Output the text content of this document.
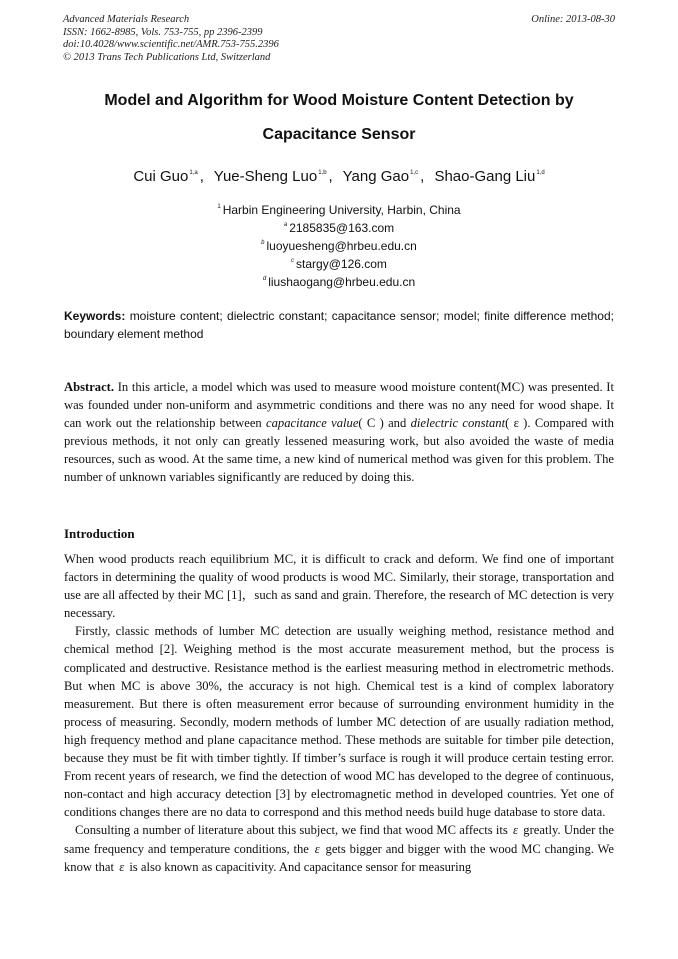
Advanced Materials Research
ISSN: 1662-8985, Vols. 753-755, pp 2396-2399
doi:10.4028/www.scientific.net/AMR.753-755.2396
© 2013 Trans Tech Publications Ltd, Switzerland
Online: 2013-08-30
Model and Algorithm for Wood Moisture Content Detection by
Capacitance Sensor
Cui Guo$^{1,a}$ , Yue-Sheng Luo$^{1,b}$ , Yang Gao$^{1,c}$ , Shao-Gang Liu$^{1,d}$
$^1$ Harbin Engineering University, Harbin, China
$^a$ 2185835@163.com
$^b$ luoyuesheng@hrbeu.edu.cn
$^c$ stargy@126.com
$^d$ liushaogang@hrbeu.edu.cn
Keywords: moisture content; dielectric constant; capacitance sensor; model; finite difference method; boundary element method
Abstract. In this article, a model which was used to measure wood moisture content(MC) was presented. It was founded under non-uniform and asymmetric conditions and there was no any need for wood shape. It can work out the relationship between capacitance value( C ) and dielectric constant( ε ). Compared with previous methods, it not only can greatly lessened measuring work, but also avoided the waste of media resources, such as wood. At the same time, a new kind of numerical method was given for this problem. The number of unknown variables significantly are reduced by doing this.
Introduction

When wood products reach equilibrium MC, it is difficult to crack and deform. We find one of important factors in determining the quality of wood products is wood MC. Similarly, their storage, transportation and use are all affected by their MC [1]，such as sand and grain. Therefore, the research of MC detection is very necessary.

Firstly, classic methods of lumber MC detection are usually weighing method, resistance method and chemical method [2]. Weighing method is the most accurate measurement method, but the process is complicated and destructive. Resistance method is the earliest measuring method in electrometric methods. But when MC is above 30%, the accuracy is not high. Chemical test is a kind of complex laboratory measurement. But there is often measurement error because of surrounding environment humidity in the process of measuring. Secondly, modern methods of lumber MC detection of are usually radiation method, high frequency method and plane capacitance method. These methods are suitable for timber pile detection, because they must be fit with timber tightly. If timber’s surface is rough it will produce certain testing error. From recent years of research, we find the detection of wood MC has developed to the degree of continuous, non-contact and high accuracy detection [3] by electromagnetic method in developed countries. Yet one of conditions changes there are no data to correspond and this method needs build huge database to store data.

Consulting a number of literature about this subject, we find that wood MC affects its ε greatly. Under the same frequency and temperature conditions, the ε gets bigger and bigger with the wood MC changing. We know that ε is also known as capacitivity. And capacitance sensor for measuring
